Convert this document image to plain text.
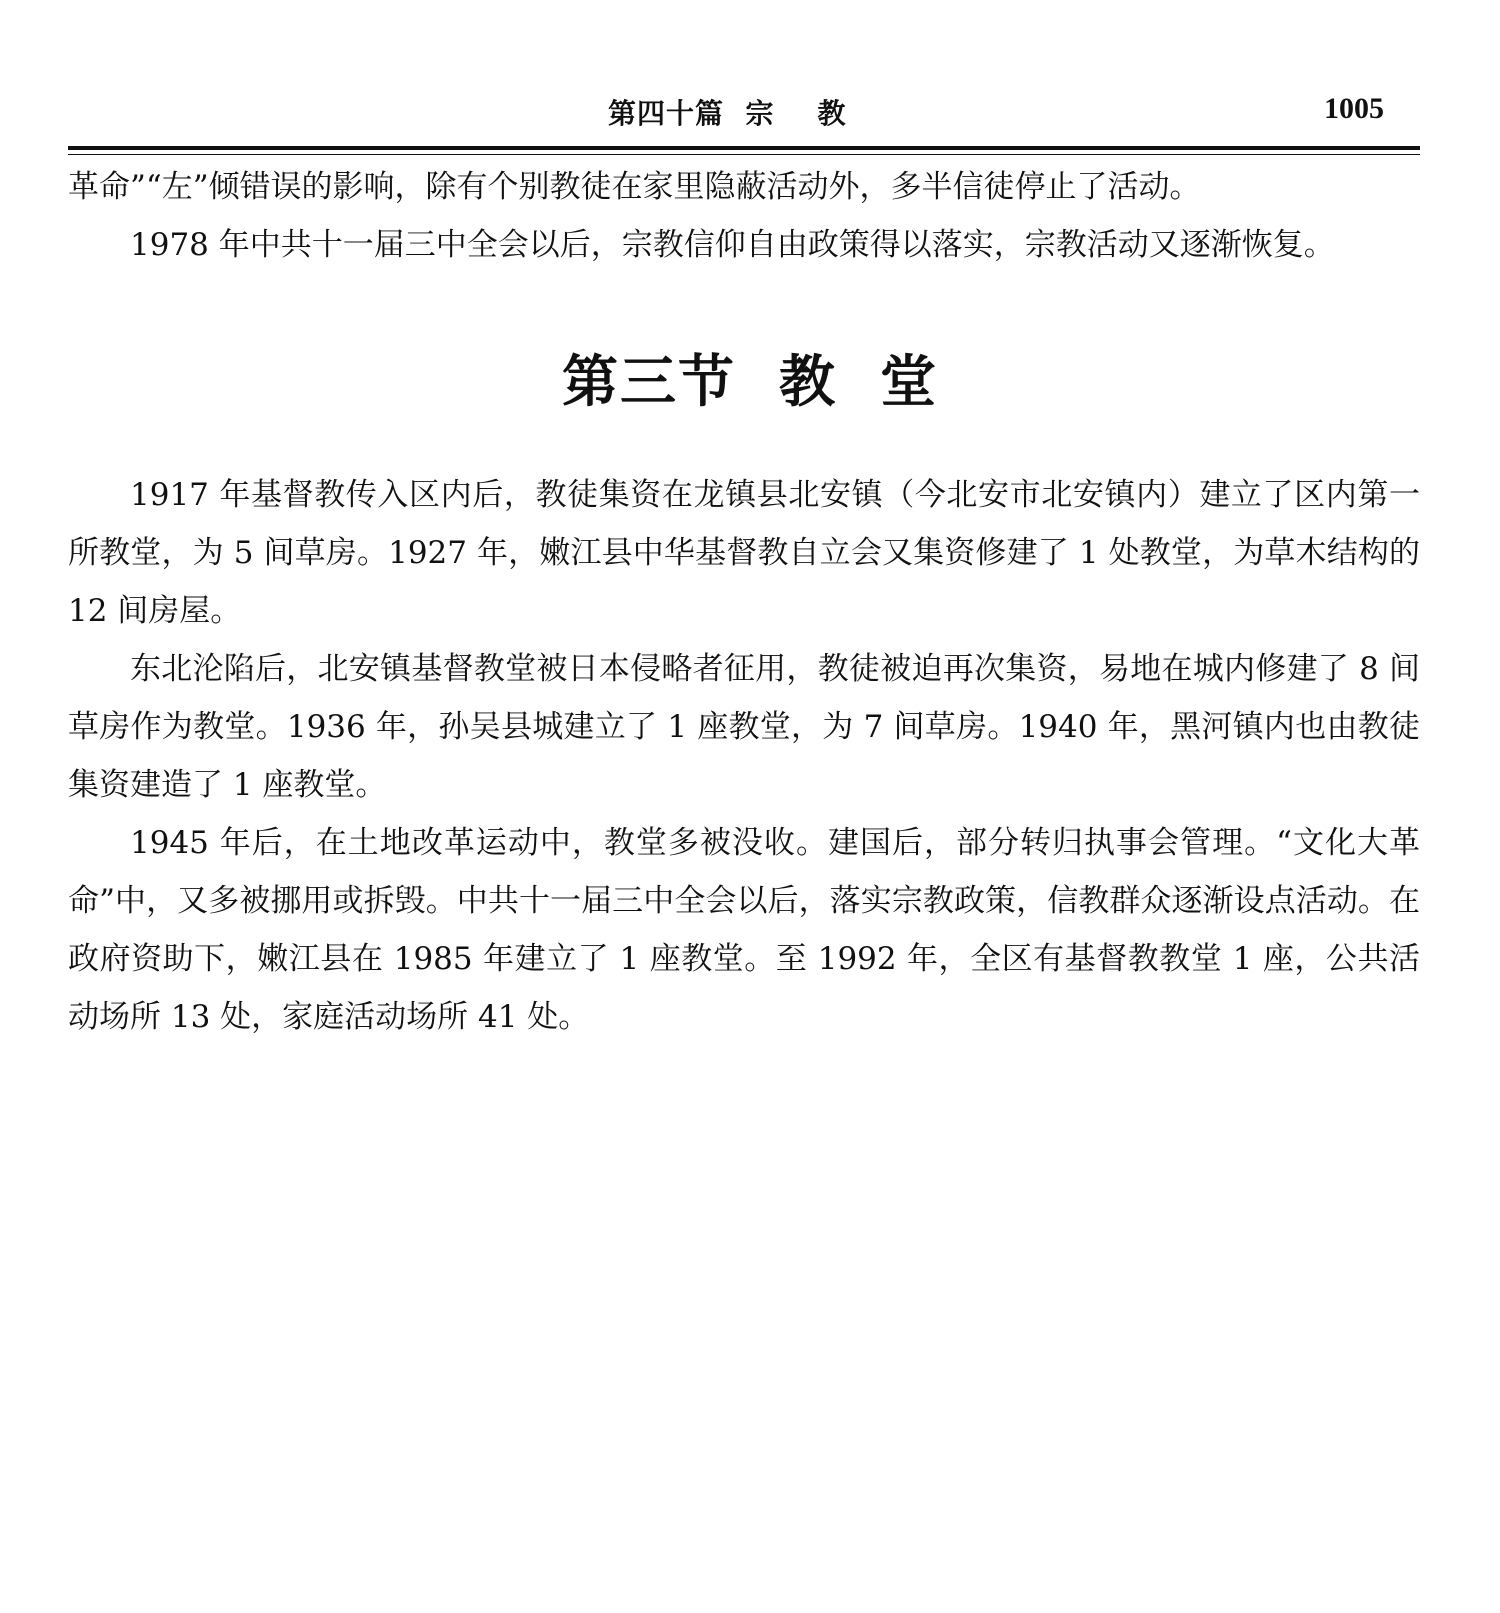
第四十篇  宗    教	1005

革命”“左”倾错误的影响，除有个别教徒在家里隐蔽活动外，多半信徒停止了活动。

1978 年中共十一届三中全会以后，宗教信仰自由政策得以落实，宗教活动又逐渐恢复。

第三节  教  堂

1917 年基督教传入区内后，教徒集资在龙镇县北安镇（今北安市北安镇内）建立了区内第一所教堂，为 5 间草房。1927 年，嫩江县中华基督教自立会又集资修建了 1 处教堂，为草木结构的 12 间房屋。

东北沦陷后，北安镇基督教堂被日本侵略者征用，教徒被迫再次集资，易地在城内修建了 8 间草房作为教堂。1936 年，孙吴县城建立了 1 座教堂，为 7 间草房。1940 年，黑河镇内也由教徒集资建造了 1 座教堂。

1945 年后，在土地改革运动中，教堂多被没收。建国后，部分转归执事会管理。“文化大革命”中，又多被挪用或拆毁。中共十一届三中全会以后，落实宗教政策，信教群众逐渐设点活动。在政府资助下，嫩江县在 1985 年建立了 1 座教堂。至 1992 年，全区有基督教教堂 1 座，公共活动场所 13 处，家庭活动场所 41 处。
